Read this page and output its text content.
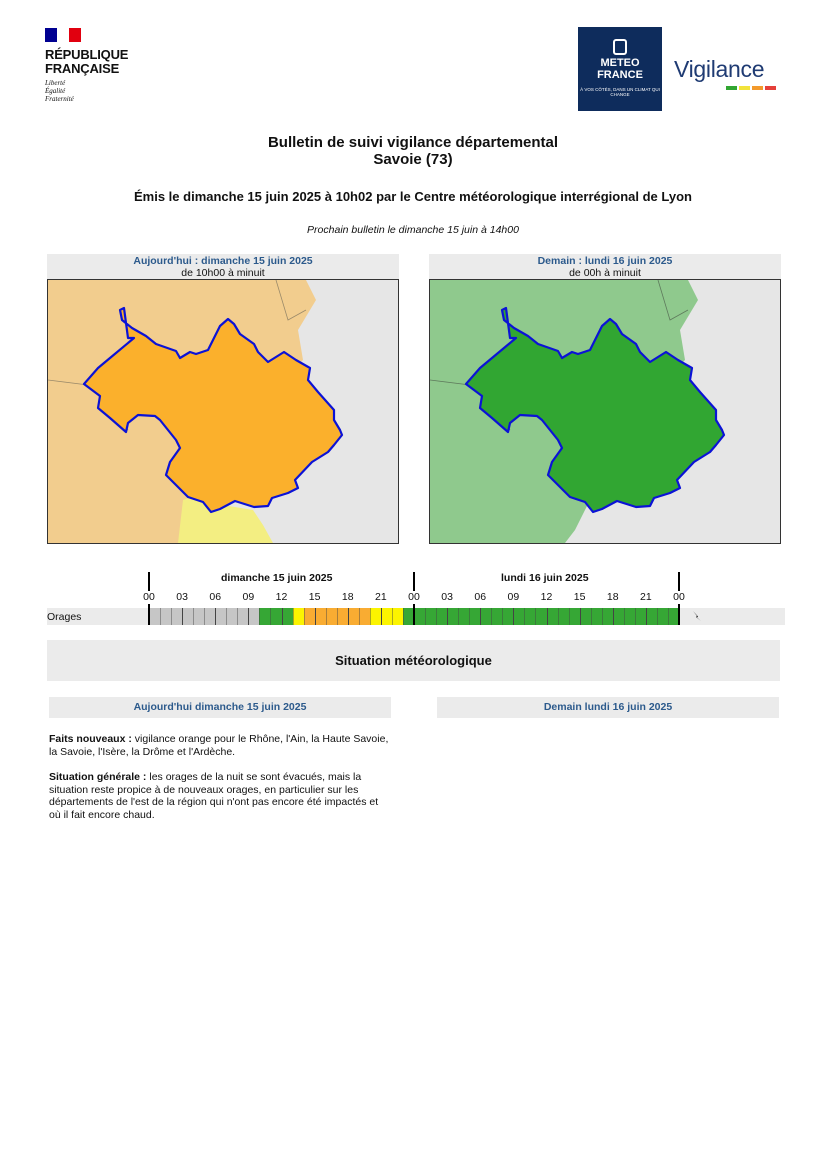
RÉPUBLIQUE
FRANÇAISE
Liberté
Égalité
Fraternité
METEO
FRANCE
À VOS CÔTÉS, DANS UN CLIMAT QUI CHANGE
Vigilance
Bulletin de suivi vigilance départemental
Savoie (73)
Émis le dimanche 15 juin 2025 à 10h02 par le Centre météorologique interrégional de Lyon
Prochain bulletin le dimanche 15 juin à 14h00
Aujourd'hui : dimanche 15 juin 2025
de 10h00 à minuit
Demain : lundi 16 juin 2025
de 00h à minuit
dimanche 15 juin 2025	lundi 16 juin 2025
00	03	06	09	12	15	18	21	00	03	06	09	12	15	18	21	00
Orages
Situation météorologique
Aujourd'hui dimanche 15 juin 2025	Demain lundi 16 juin 2025

Faits nouveaux : vigilance orange pour le Rhône, l'Ain, la Haute Savoie, la Savoie, l'Isère, la Drôme et l'Ardèche.

Situation générale : les orages de la nuit se sont évacués, mais la situation reste propice à de nouveaux orages, en particulier sur les départements de l'est de la région qui n'ont pas encore été impactés et où il fait encore chaud.
